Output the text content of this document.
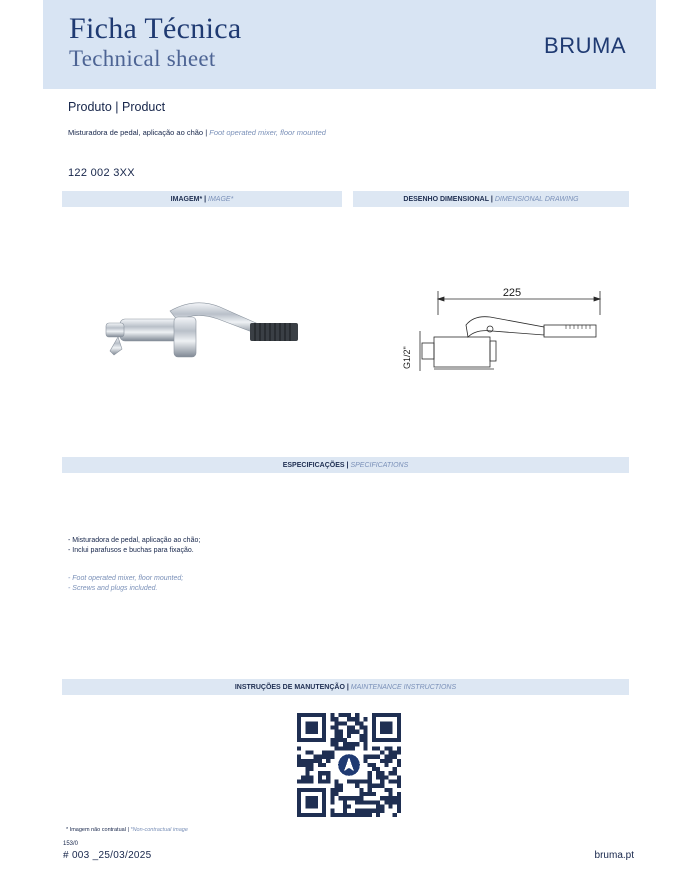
Ficha Técnica
Technical sheet
BRUMA
Produto | Product
Misturadora de pedal, aplicação ao chão | Foot operated mixer, floor mounted
122 002 3XX
IMAGEM* | IMAGE*	DESENHO DIMENSIONAL | DIMENSIONAL DRAWING
225
G1/2"
ESPECIFICAÇÕES | SPECIFICATIONS
- Misturadora de pedal, aplicação ao chão;
- Inclui parafusos e buchas para fixação.
- Foot operated mixer, floor mounted;
- Screws and plugs included.
INSTRUÇÕES DE MANUTENÇÃO | MAINTENANCE INSTRUCTIONS
* Imagem não contratual | *Non-contractual image
153/0
# 003 _25/03/2025	bruma.pt
